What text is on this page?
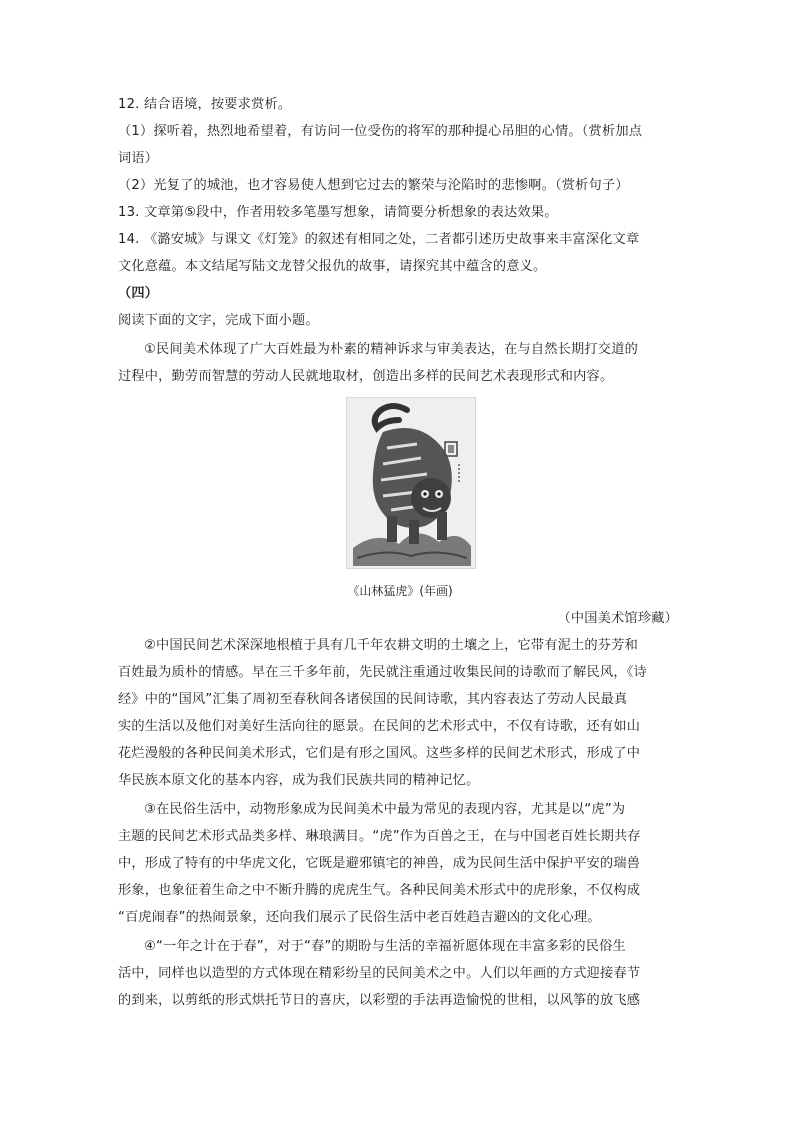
12. 结合语境，按要求赏析。
（1）探听着，热烈地希望着，有访问一位受伤的将军的那种提心吊胆的心情。（赏析加点
词语）
（2）光复了的城池，也才容易使人想到它过去的繁荣与沦陷时的悲惨啊。（赏析句子）
13. 文章第⑤段中，作者用较多笔墨写想象，请简要分析想象的表达效果。
14. 《潞安城》与课文《灯笼》的叙述有相同之处，二者都引述历史故事来丰富深化文章
文化意蕴。本文结尾写陆文龙替父报仇的故事，请探究其中蕴含的意义。
（四）
阅读下面的文字，完成下面小题。
①民间美术体现了广大百姓最为朴素的精神诉求与审美表达，在与自然长期打交道的
过程中，勤劳而智慧的劳动人民就地取材，创造出多样的民间艺术表现形式和内容。
《山林猛虎》(年画)
（中国美术馆珍藏）
②中国民间艺术深深地根植于具有几千年农耕文明的土壤之上，它带有泥土的芬芳和
百姓最为质朴的情感。早在三千多年前，先民就注重通过收集民间的诗歌而了解民风，《诗
经》中的“国风”汇集了周初至春秋间各诸侯国的民间诗歌，其内容表达了劳动人民最真
实的生活以及他们对美好生活向往的愿景。在民间的艺术形式中，不仅有诗歌，还有如山
花烂漫般的各种民间美术形式，它们是有形之国风。这些多样的民间艺术形式，形成了中
华民族本原文化的基本内容，成为我们民族共同的精神记忆。
③在民俗生活中，动物形象成为民间美术中最为常见的表现内容，尤其是以“虎”为
主题的民间艺术形式品类多样、琳琅满目。“虎”作为百兽之王，在与中国老百姓长期共存
中，形成了特有的中华虎文化，它既是避邪镇宅的神兽，成为民间生活中保护平安的瑞兽
形象，也象征着生命之中不断升腾的虎虎生气。各种民间美术形式中的虎形象，不仅构成
“百虎闹春”的热闹景象，还向我们展示了民俗生活中老百姓趋吉避凶的文化心理。
④“一年之计在于春”，对于“春”的期盼与生活的幸福祈愿体现在丰富多彩的民俗生
活中，同样也以造型的方式体现在精彩纷呈的民间美术之中。人们以年画的方式迎接春节
的到来，以剪纸的形式烘托节日的喜庆，以彩塑的手法再造愉悦的世相，以风筝的放飞感
